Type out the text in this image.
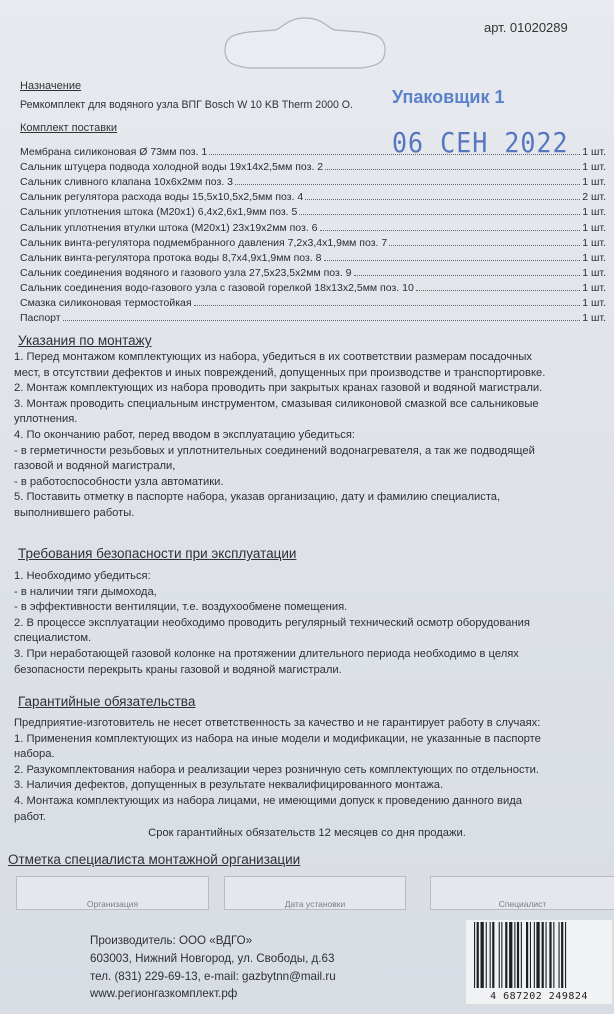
арт. 01020289
Упаковщик 1
06 СЕН 2022
Назначение
Ремкомплект для водяного узла ВПГ Bosch W 10 KB Therm 2000 O.
Комплект поставки
Мембрана силиконовая Ø 73мм поз. 1	1 шт.
Сальник штуцера подвода холодной воды 19x14x2,5мм поз. 2	1 шт.
Сальник сливного клапана 10x6x2мм поз. 3	1 шт.
Сальник регулятора расхода воды 15,5x10,5x2,5мм поз. 4	2 шт.
Сальник уплотнения штока (M20x1) 6,4x2,6x1,9мм поз. 5	1 шт.
Сальник уплотнения втулки штока (M20x1) 23x19x2мм поз. 6	1 шт.
Сальник винта-регулятора подмембранного давления 7,2x3,4x1,9мм поз. 7	1 шт.
Сальник винта-регулятора протока воды 8,7x4,9x1,9мм поз. 8	1 шт.
Сальник соединения водяного и газового узла 27,5x23,5x2мм поз. 9	1 шт.
Сальник соединения водо-газового узла с газовой горелкой 18x13x2,5мм поз. 10	1 шт.
Смазка силиконовая термостойкая	1 шт.
Паспорт	1 шт.
Указания по монтажу
1. Перед монтажом комплектующих из набора, убедиться в их соответствии размерам посадочных
мест, в отсутствии дефектов и иных повреждений, допущенных при производстве и транспортировке.
2. Монтаж комплектующих из набора проводить при закрытых кранах газовой и водяной магистрали.
3. Монтаж проводить специальным инструментом, смазывая силиконовой смазкой все сальниковые
уплотнения.
4. По окончанию работ, перед вводом в эксплуатацию убедиться:
- в герметичности резьбовых и уплотнительных соединений водонагревателя, а так же подводящей
газовой и водяной магистрали,
- в работоспособности узла автоматики.
5. Поставить отметку в паспорте набора, указав организацию, дату и фамилию специалиста,
выполнившего работы.
Требования безопасности при эксплуатации
1. Необходимо убедиться:
- в наличии тяги дымохода,
- в эффективности вентиляции, т.е. воздухообмене помещения.
2. В процессе эксплуатации необходимо проводить регулярный технический осмотр оборудования
специалистом.
3. При неработающей газовой колонке на протяжении длительного периода необходимо в целях
безопасности перекрыть краны газовой и водяной магистрали.
Гарантийные обязательства
Предприятие-изготовитель не несет ответственность за качество и не гарантирует работу в случаях:
1. Применения комплектующих из набора на иные модели и модификации, не указанные в паспорте
набора.
2. Разукомплектования набора и реализации через розничную сеть комплектующих по отдельности.
3. Наличия дефектов, допущенных в результате неквалифицированного монтажа.
4. Монтажа комплектующих из набора лицами, не имеющими допуск к проведению данного вида
работ.
Срок гарантийных обязательств 12 месяцев со дня продажи.
Отметка специалиста монтажной организации
Организация	Дата установки	Специалист
Производитель: ООО «ВДГО»
603003, Нижний Новгород, ул. Свободы, д.63
тел. (831) 229-69-13, e-mail: gazbytnn@mail.ru
www.регионгазкомплект.рф	4 687202 249824
